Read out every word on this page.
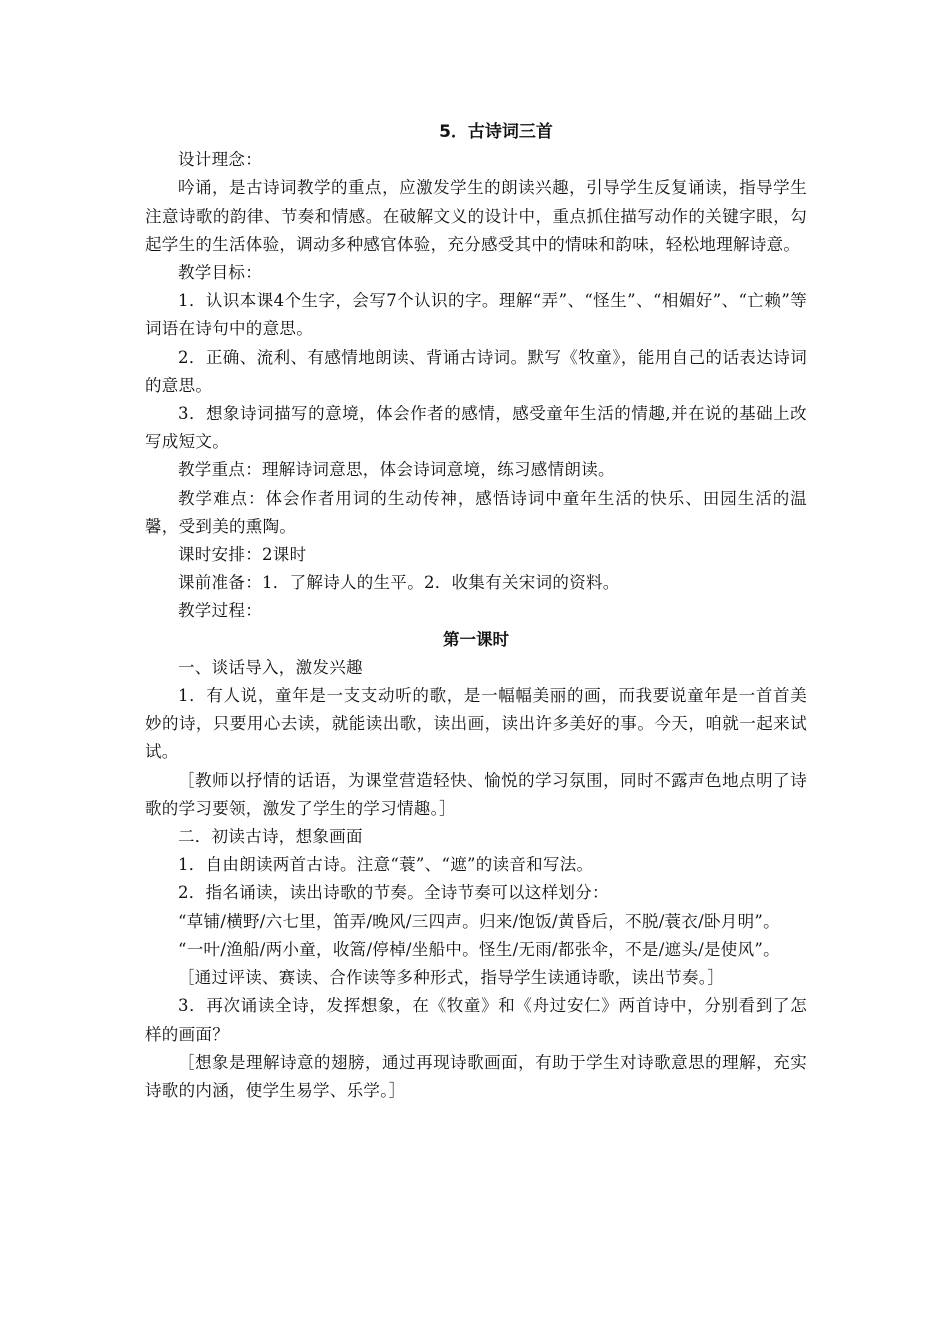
5．古诗词三首

设计理念：

吟诵，是古诗词教学的重点，应激发学生的朗读兴趣，引导学生反复诵读，指导学生注意诗歌的韵律、节奏和情感。在破解文义的设计中，重点抓住描写动作的关键字眼，勾起学生的生活体验，调动多种感官体验，充分感受其中的情味和韵味，轻松地理解诗意。

教学目标：

1．认识本课4个生字，会写7个认识的字。理解“弄”、“怪生”、“相媚好”、“亡赖”等词语在诗句中的意思。

2．正确、流利、有感情地朗读、背诵古诗词。默写《牧童》，能用自己的话表达诗词的意思。

3．想象诗词描写的意境，体会作者的感情，感受童年生活的情趣,并在说的基础上改写成短文。

教学重点：理解诗词意思，体会诗词意境，练习感情朗读。

教学难点：体会作者用词的生动传神，感悟诗词中童年生活的快乐、田园生活的温馨，受到美的熏陶。

课时安排：2课时

课前准备：1．了解诗人的生平。2．收集有关宋词的资料。

教学过程：

第一课时

一、谈话导入，激发兴趣

1．有人说，童年是一支支动听的歌，是一幅幅美丽的画，而我要说童年是一首首美妙的诗，只要用心去读，就能读出歌，读出画，读出许多美好的事。今天，咱就一起来试试。

［教师以抒情的话语，为课堂营造轻快、愉悦的学习氛围，同时不露声色地点明了诗歌的学习要领，激发了学生的学习情趣。］

二．初读古诗，想象画面

1．自由朗读两首古诗。注意“蓑”、“遮”的读音和写法。

2．指名诵读，读出诗歌的节奏。全诗节奏可以这样划分：

“草铺/横野/六七里，笛弄/晚风/三四声。归来/饱饭/黄昏后，不脱/蓑衣/卧月明”。

“一叶/渔船/两小童，收篙/停棹/坐船中。怪生/无雨/都张伞，不是/遮头/是使风”。

［通过评读、赛读、合作读等多种形式，指导学生读通诗歌，读出节奏。］

3．再次诵读全诗，发挥想象，在《牧童》和《舟过安仁》两首诗中，分别看到了怎样的画面？

［想象是理解诗意的翅膀，通过再现诗歌画面，有助于学生对诗歌意思的理解，充实诗歌的内涵，使学生易学、乐学。］
